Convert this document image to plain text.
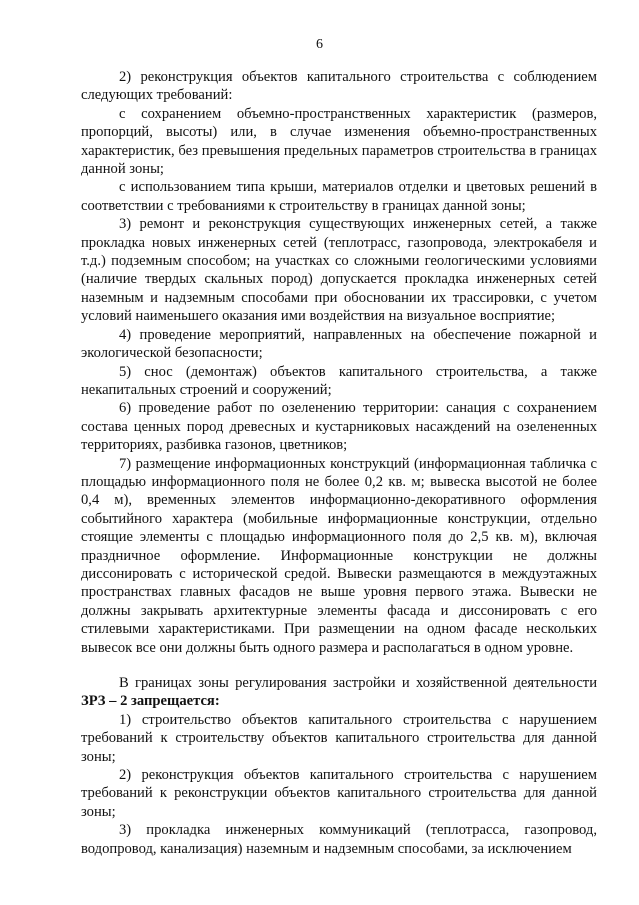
6

2) реконструкция объектов капитального строительства с соблюдением следующих требований:

с сохранением объемно-пространственных характеристик (размеров, пропорций, высоты) или, в случае изменения объемно-пространственных характеристик, без превышения предельных параметров строительства в границах данной зоны;

с использованием типа крыши, материалов отделки и цветовых решений в соответствии с требованиями к строительству в границах данной зоны;

3) ремонт и реконструкция существующих инженерных сетей, а также прокладка новых инженерных сетей (теплотрасс, газопровода, электрокабеля и т.д.) подземным способом; на участках со сложными геологическими условиями (наличие твердых скальных пород) допускается прокладка инженерных сетей наземным и надземным способами при обосновании их трассировки, с учетом условий наименьшего оказания ими воздействия на визуальное восприятие;

4) проведение мероприятий, направленных на обеспечение пожарной и экологической безопасности;

5) снос (демонтаж) объектов капитального строительства, а также некапитальных строений и сооружений;

6) проведение работ по озеленению территории: санация с сохранением состава ценных пород древесных и кустарниковых насаждений на озелененных территориях, разбивка газонов, цветников;

7) размещение информационных конструкций (информационная табличка с площадью информационного поля не более 0,2 кв. м; вывеска высотой не более 0,4 м), временных элементов информационно-декоративного оформления событийного характера (мобильные информационные конструкции, отдельно стоящие элементы с площадью информационного поля до 2,5 кв. м), включая праздничное оформление. Информационные конструкции не должны диссонировать с исторической средой. Вывески размещаются в междуэтажных пространствах главных фасадов не выше уровня первого этажа. Вывески не должны закрывать архитектурные элементы фасада и диссонировать с его стилевыми характеристиками. При размещении на одном фасаде нескольких вывесок все они должны быть одного размера и располагаться в одном уровне.

В границах зоны регулирования застройки и хозяйственной деятельности ЗРЗ – 2 запрещается:

1) строительство объектов капитального строительства с нарушением требований к строительству объектов капитального строительства для данной зоны;

2) реконструкция объектов капитального строительства с нарушением требований к реконструкции объектов капитального строительства для данной зоны;

3) прокладка инженерных коммуникаций (теплотрасса, газопровод, водопровод, канализация) наземным и надземным способами, за исключением
